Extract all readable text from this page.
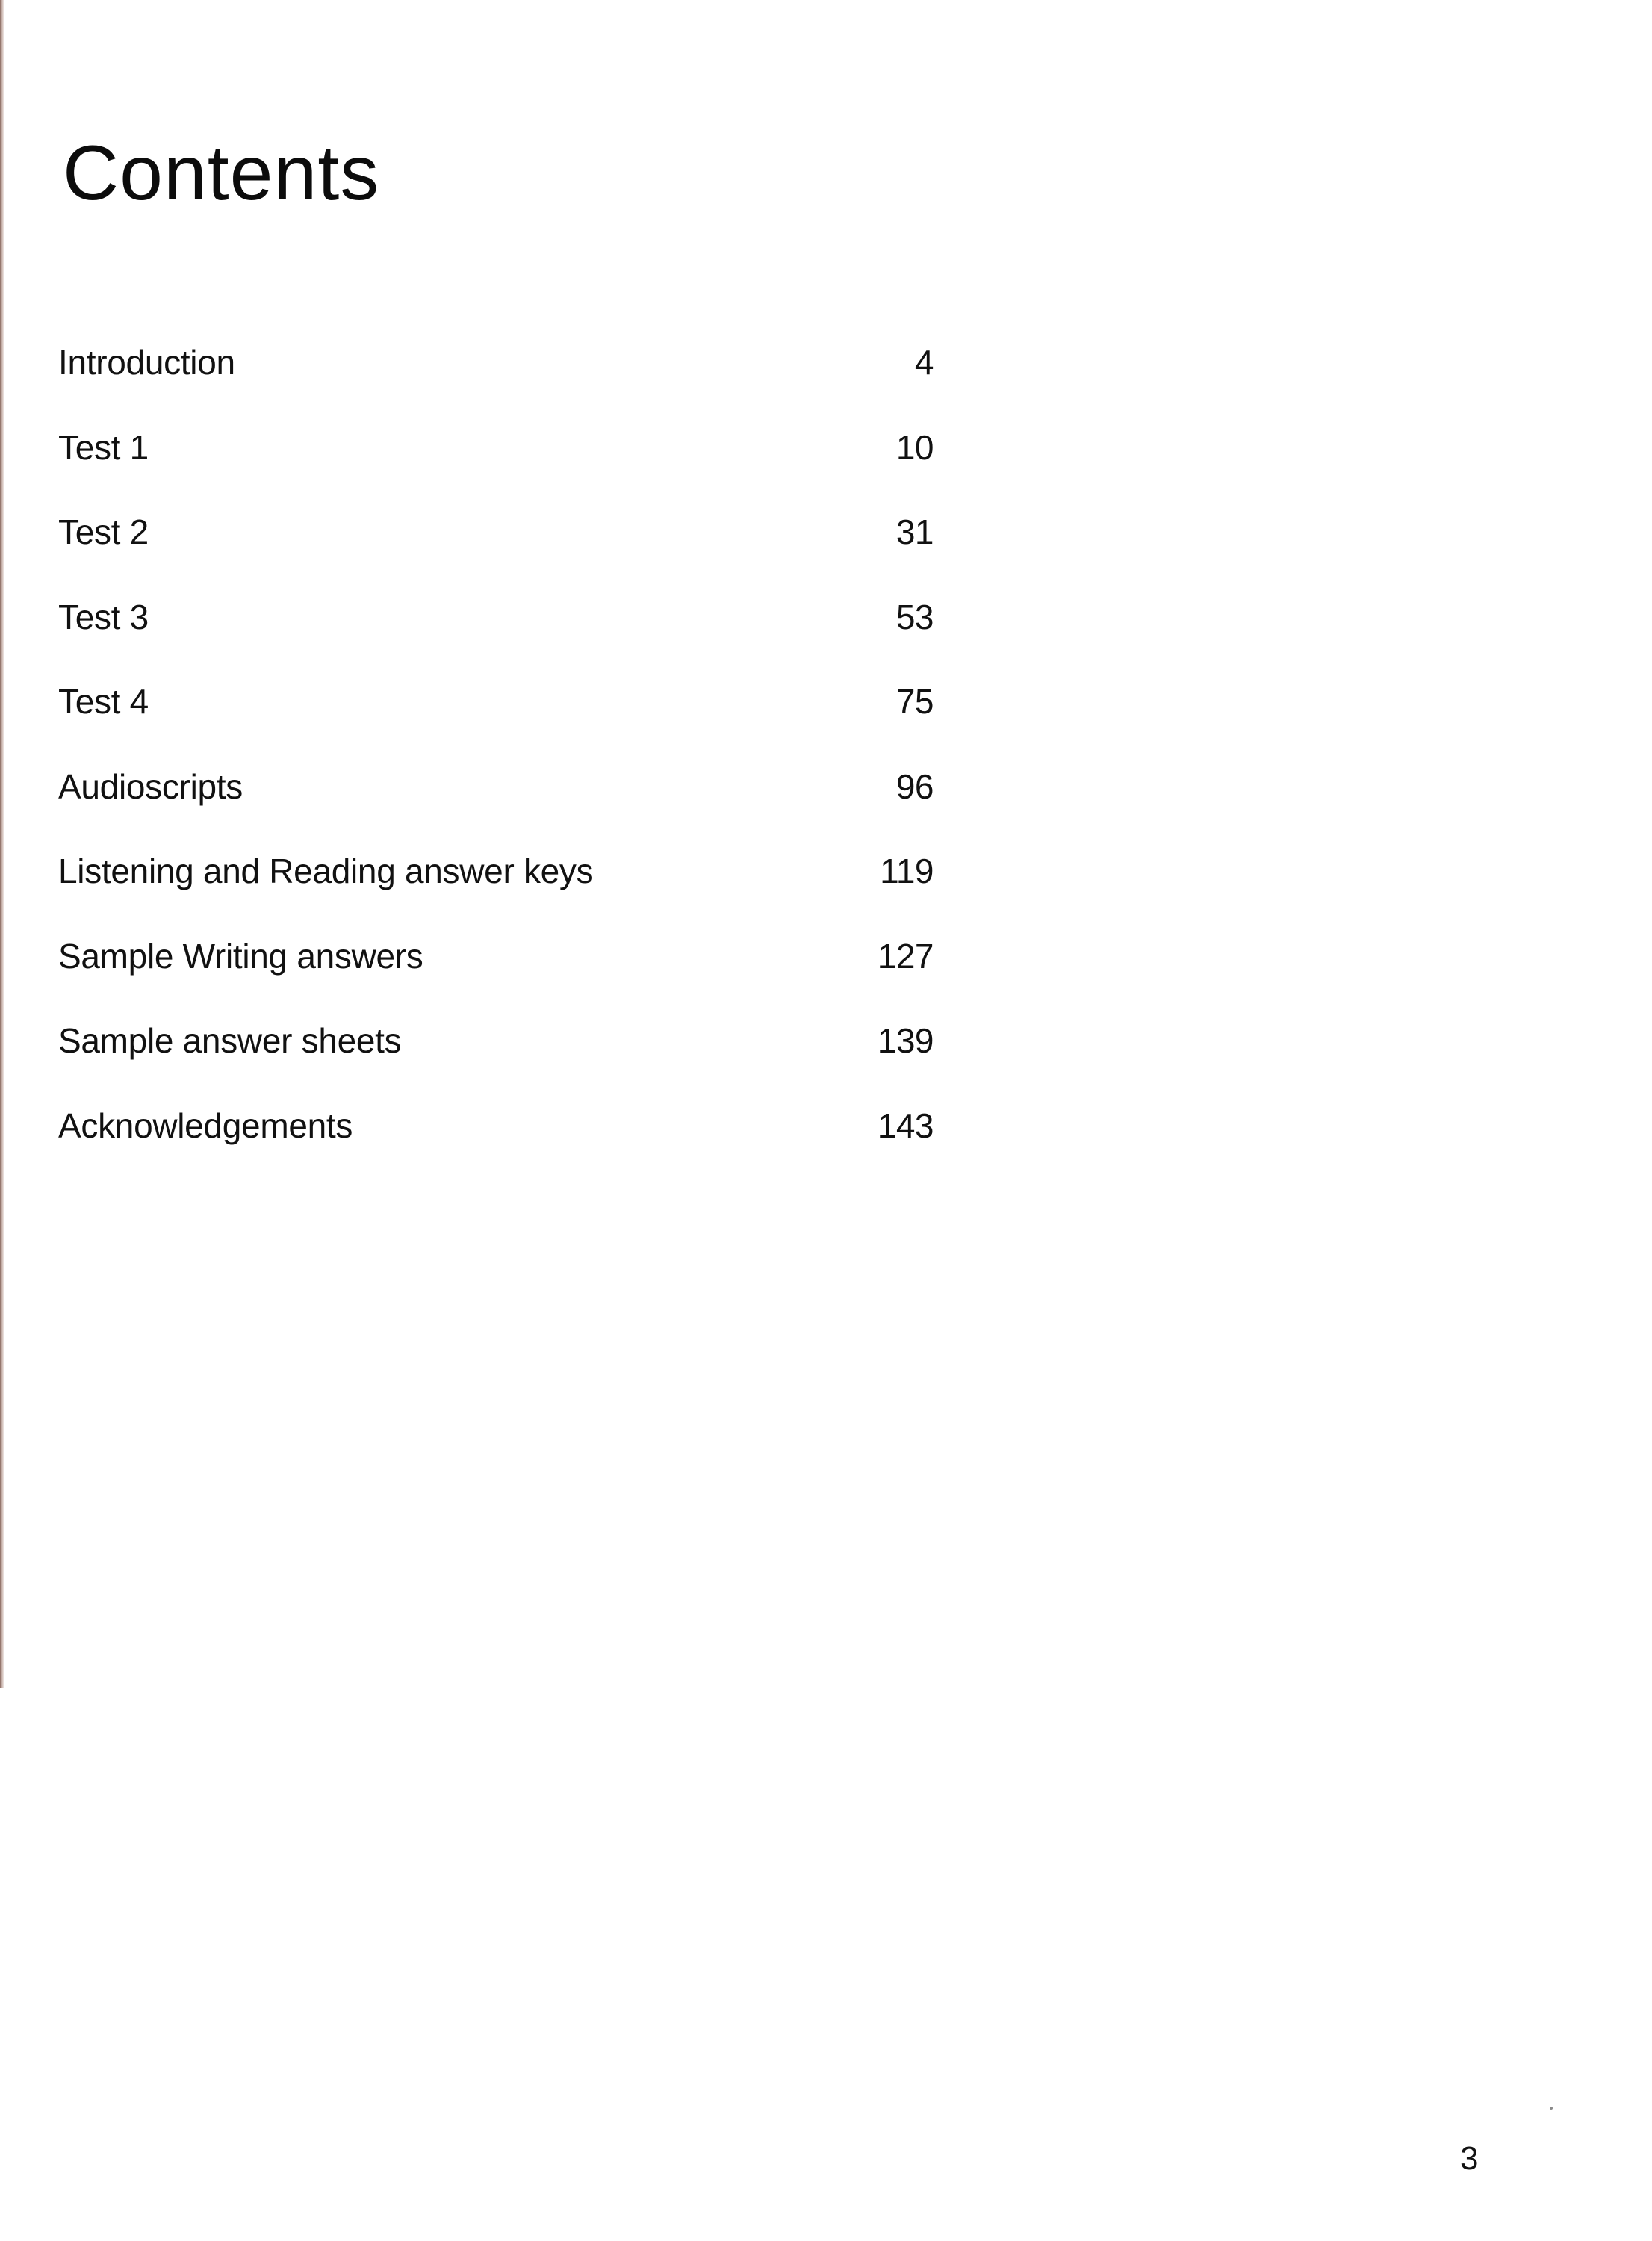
Contents
Introduction	4
Test 1	10
Test 2	31
Test 3	53
Test 4	75
Audioscripts	96
Listening and Reading answer keys	119
Sample Writing answers	127
Sample answer sheets	139
Acknowledgements	143
3
